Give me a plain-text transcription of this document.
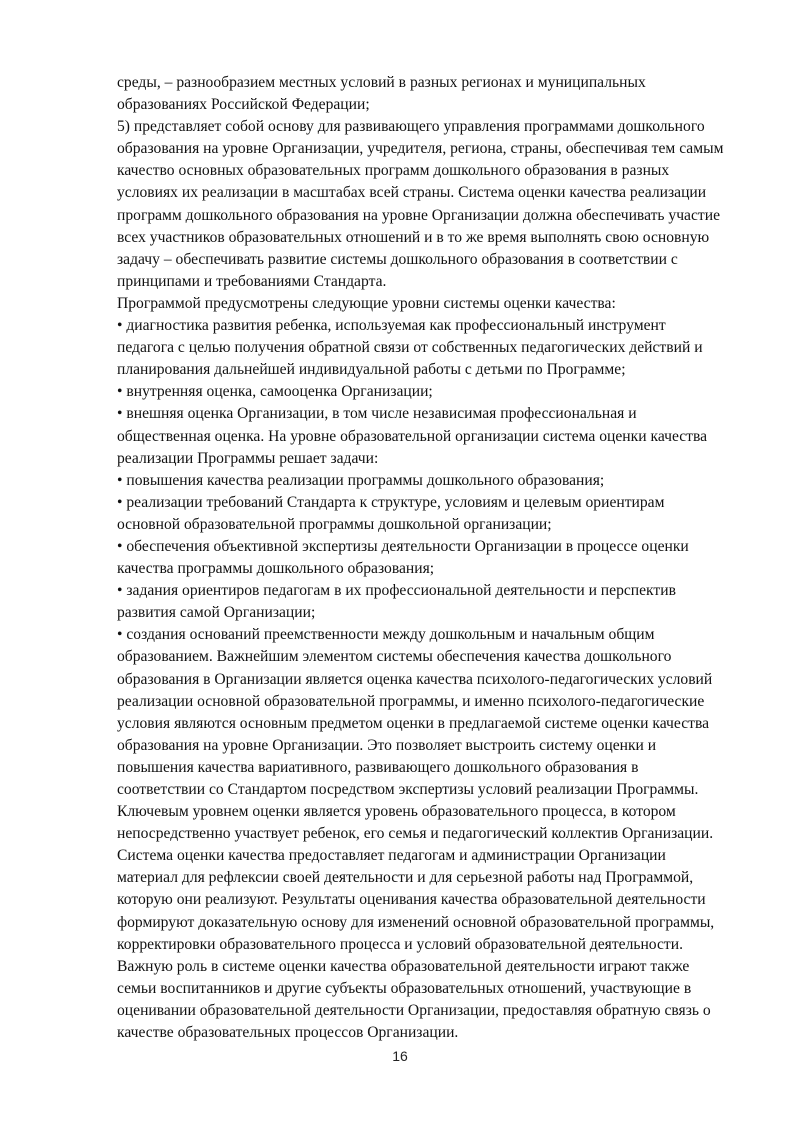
среды, – разнообразием местных условий в разных регионах и муниципальных
образованиях Российской Федерации;
5) представляет собой основу для развивающего управления программами дошкольного
образования на уровне Организации, учредителя, региона, страны, обеспечивая тем самым
качество основных образовательных программ дошкольного образования в разных
условиях их реализации в масштабах всей страны. Система оценки качества реализации
программ дошкольного образования на уровне Организации должна обеспечивать участие
всех участников образовательных отношений и в то же время выполнять свою основную
задачу – обеспечивать развитие системы дошкольного образования в соответствии с
принципами и требованиями Стандарта.
Программой предусмотрены следующие уровни системы оценки качества:
• диагностика развития ребенка, используемая как профессиональный инструмент
педагога с целью получения обратной связи от собственных педагогических действий и
планирования дальнейшей индивидуальной работы с детьми по Программе;
• внутренняя оценка, самооценка Организации;
• внешняя оценка Организации, в том числе независимая профессиональная и
общественная оценка. На уровне образовательной организации система оценки качества
реализации Программы решает задачи:
• повышения качества реализации программы дошкольного образования;
• реализации требований Стандарта к структуре, условиям и целевым ориентирам
основной образовательной программы дошкольной организации;
• обеспечения объективной экспертизы деятельности Организации в процессе оценки
качества программы дошкольного образования;
• задания ориентиров педагогам в их профессиональной деятельности и перспектив
развития самой Организации;
• создания оснований преемственности между дошкольным и начальным общим
образованием. Важнейшим элементом системы обеспечения качества дошкольного
образования в Организации является оценка качества психолого-педагогических условий
реализации основной образовательной программы, и именно психолого-педагогические
условия являются основным предметом оценки в предлагаемой системе оценки качества
образования на уровне Организации. Это позволяет выстроить систему оценки и
повышения качества вариативного, развивающего дошкольного образования в
соответствии со Стандартом посредством экспертизы условий реализации Программы.
Ключевым уровнем оценки является уровень образовательного процесса, в котором
непосредственно участвует ребенок, его семья и педагогический коллектив Организации.
Система оценки качества предоставляет педагогам и администрации Организации
материал для рефлексии своей деятельности и для серьезной работы над Программой,
которую они реализуют. Результаты оценивания качества образовательной деятельности
формируют доказательную основу для изменений основной образовательной программы,
корректировки образовательного процесса и условий образовательной деятельности.
Важную роль в системе оценки качества образовательной деятельности играют также
семьи воспитанников и другие субъекты образовательных отношений, участвующие в
оценивании образовательной деятельности Организации, предоставляя обратную связь о
качестве образовательных процессов Организации.
16
